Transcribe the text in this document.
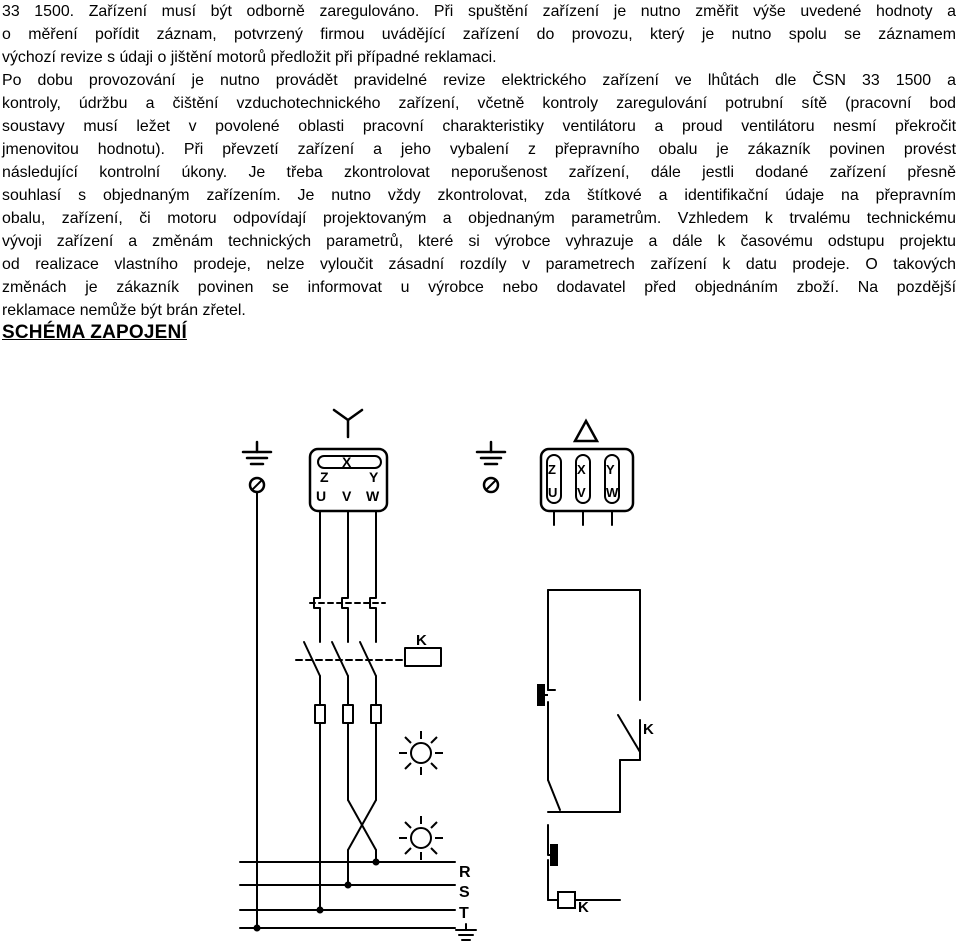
33 1500. Zařízení musí být odborně zaregulováno. Při spuštění zařízení je nutno změřit výše uvedené hodnoty a
o měření pořídit záznam, potvrzený firmou uvádějící zařízení do provozu, který je nutno spolu se záznamem
výchozí revize s údaji o jištění motorů předložit při případné reklamaci.
Po dobu provozování je nutno provádět pravidelné revize elektrického zařízení ve lhůtách dle ČSN 33 1500 a
kontroly, údržbu a čištění vzduchotechnického zařízení, včetně kontroly zaregulování potrubní sítě (pracovní bod
soustavy musí ležet v povolené oblasti pracovní charakteristiky ventilátoru a proud ventilátoru nesmí překročit
jmenovitou hodnotu). Při převzetí zařízení a jeho vybalení z přepravního obalu je zákazník povinen provést
následující kontrolní úkony. Je třeba zkontrolovat neporušenost zařízení, dále jestli dodané zařízení přesně
souhlasí s objednaným zařízením. Je nutno vždy zkontrolovat, zda štítkové a identifikační údaje na přepravním
obalu, zařízení, či motoru odpovídají projektovaným a objednaným parametrům. Vzhledem k trvalému technickému
vývoji zařízení a změnám technických parametrů, které si výrobce vyhrazuje a dále k časovému odstupu projektu
od realizace vlastního prodeje, nelze vyloučit zásadní rozdíly v parametrech zařízení k datu prodeje. O takových
změnách je zákazník povinen se informovat u výrobce nebo dodavatel před objednáním zboží. Na pozdější
reklamace nemůže být brán zřetel.
SCHÉMA ZAPOJENÍ
Z
X
Y
U V W
K
R
S
T
Z X Y
U V W
K
K
